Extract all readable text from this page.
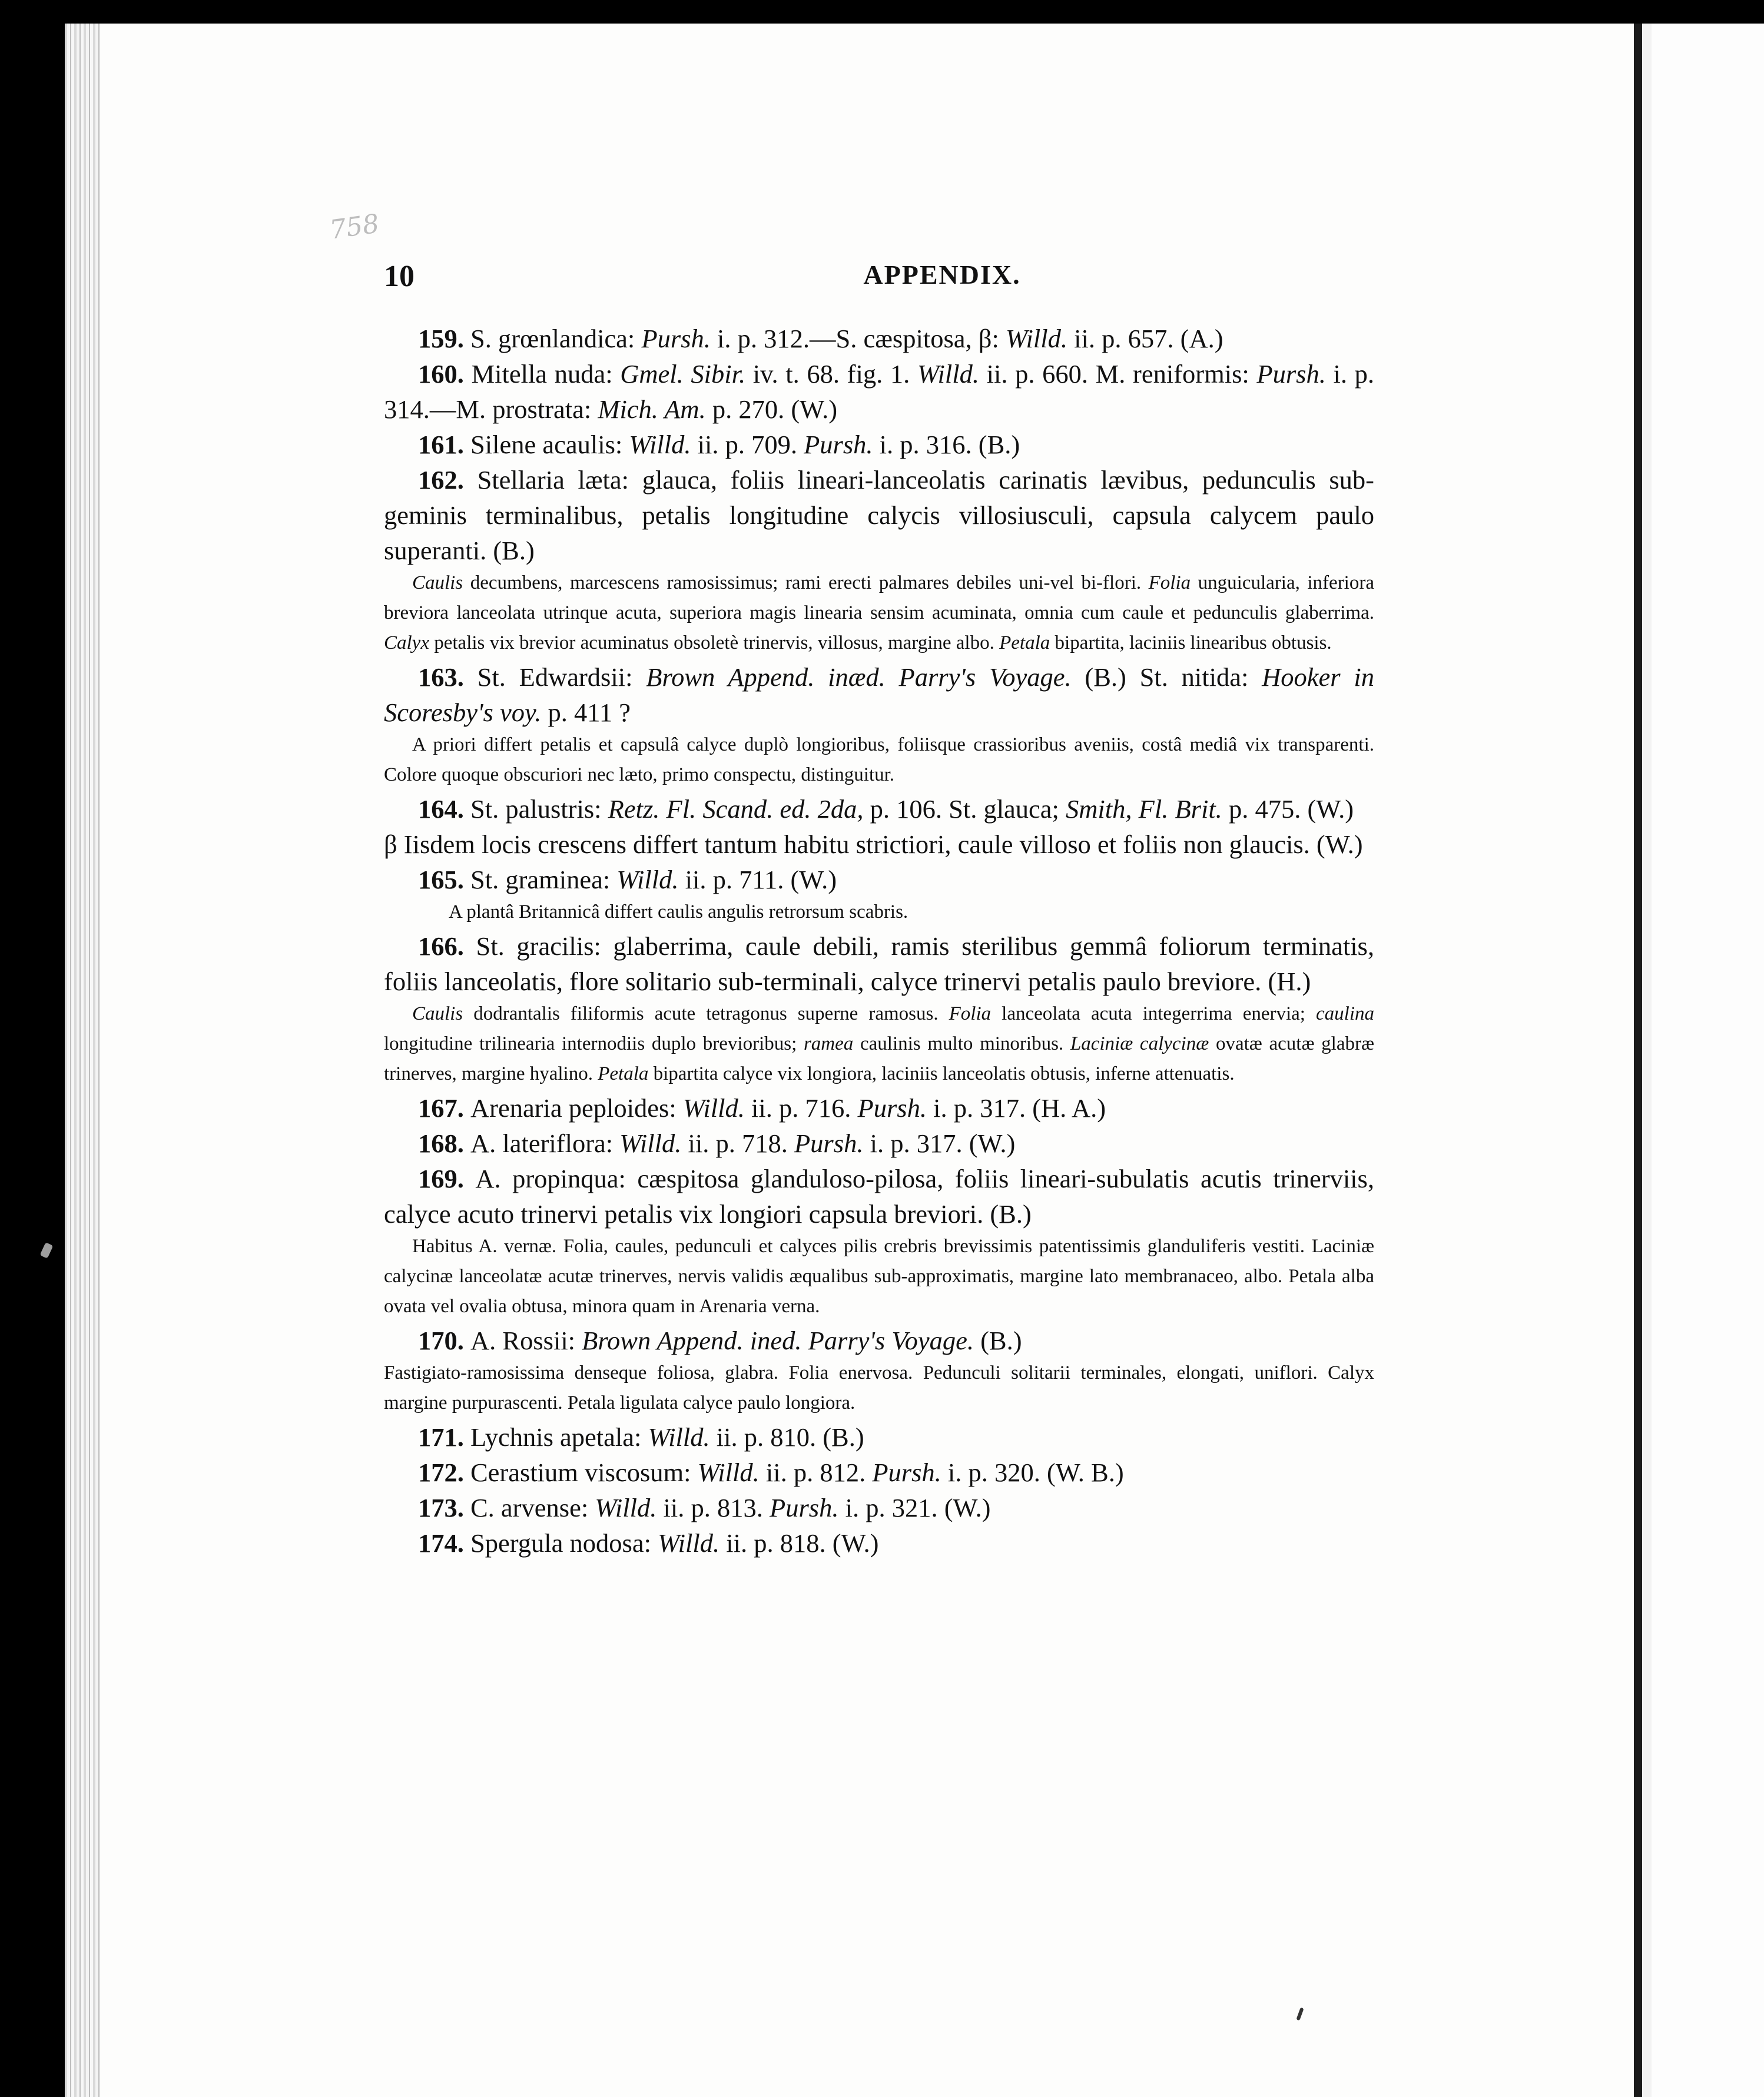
758
10	APPENDIX.

159. S. grœnlandica: Pursh. i. p. 312.—S. cæspitosa, β: Willd. ii. p. 657. (A.)

160. Mitella nuda: Gmel. Sibir. iv. t. 68. fig. 1. Willd. ii. p. 660. M. reniformis: Pursh. i. p. 314.—M. prostrata: Mich. Am. p. 270. (W.)

161. Silene acaulis: Willd. ii. p. 709. Pursh. i. p. 316. (B.)

162. Stellaria læta: glauca, foliis lineari-lanceolatis carinatis lævibus, pedunculis sub-geminis terminalibus, petalis longitudine calycis villosiusculi, capsula calycem paulo superanti. (B.)

Caulis decumbens, marcescens ramosissimus; rami erecti palmares debiles uni-vel bi-flori. Folia unguicularia, inferiora breviora lanceolata utrinque acuta, superiora magis linearia sensim acuminata, omnia cum caule et pedunculis glaberrima. Calyx petalis vix brevior acuminatus obsoletè trinervis, villosus, margine albo. Petala bipartita, laciniis linearibus obtusis.

163. St. Edwardsii: Brown Append. inæd. Parry's Voyage. (B.) St. nitida: Hooker in Scoresby's voy. p. 411 ?

A priori differt petalis et capsulâ calyce duplò longioribus, foliisque crassioribus aveniis, costâ mediâ vix transparenti. Colore quoque obscuriori nec læto, primo conspectu, distinguitur.

164. St. palustris: Retz. Fl. Scand. ed. 2da, p. 106. St. glauca; Smith, Fl. Brit. p. 475. (W.)

β Iisdem locis crescens differt tantum habitu strictiori, caule villoso et foliis non glaucis. (W.)

165. St. graminea: Willd. ii. p. 711. (W.)

A plantâ Britannicâ differt caulis angulis retrorsum scabris.

166. St. gracilis: glaberrima, caule debili, ramis sterilibus gemmâ foliorum terminatis, foliis lanceolatis, flore solitario sub-terminali, calyce trinervi petalis paulo breviore. (H.)

Caulis dodrantalis filiformis acute tetragonus superne ramosus. Folia lanceolata acuta integerrima enervia; caulina longitudine trilinearia internodiis duplo brevioribus; ramea caulinis multo minoribus. Laciniæ calycinæ ovatæ acutæ glabræ trinerves, margine hyalino. Petala bipartita calyce vix longiora, laciniis lanceolatis obtusis, inferne attenuatis.

167. Arenaria peploides: Willd. ii. p. 716. Pursh. i. p. 317. (H. A.)

168. A. lateriflora: Willd. ii. p. 718. Pursh. i. p. 317. (W.)

169. A. propinqua: cæspitosa glanduloso-pilosa, foliis lineari-subulatis acutis trinerviis, calyce acuto trinervi petalis vix longiori capsula breviori. (B.)

Habitus A. vernæ. Folia, caules, pedunculi et calyces pilis crebris brevissimis patentissimis glanduliferis vestiti. Laciniæ calycinæ lanceolatæ acutæ trinerves, nervis validis æqualibus sub-approximatis, margine lato membranaceo, albo. Petala alba ovata vel ovalia obtusa, minora quam in Arenaria verna.

170. A. Rossii: Brown Append. ined. Parry's Voyage. (B.)

Fastigiato-ramosissima denseque foliosa, glabra. Folia enervosa. Pedunculi solitarii terminales, elongati, uniflori. Calyx margine purpurascenti. Petala ligulata calyce paulo longiora.

171. Lychnis apetala: Willd. ii. p. 810. (B.)

172. Cerastium viscosum: Willd. ii. p. 812. Pursh. i. p. 320. (W. B.)

173. C. arvense: Willd. ii. p. 813. Pursh. i. p. 321. (W.)

174. Spergula nodosa: Willd. ii. p. 818. (W.)
